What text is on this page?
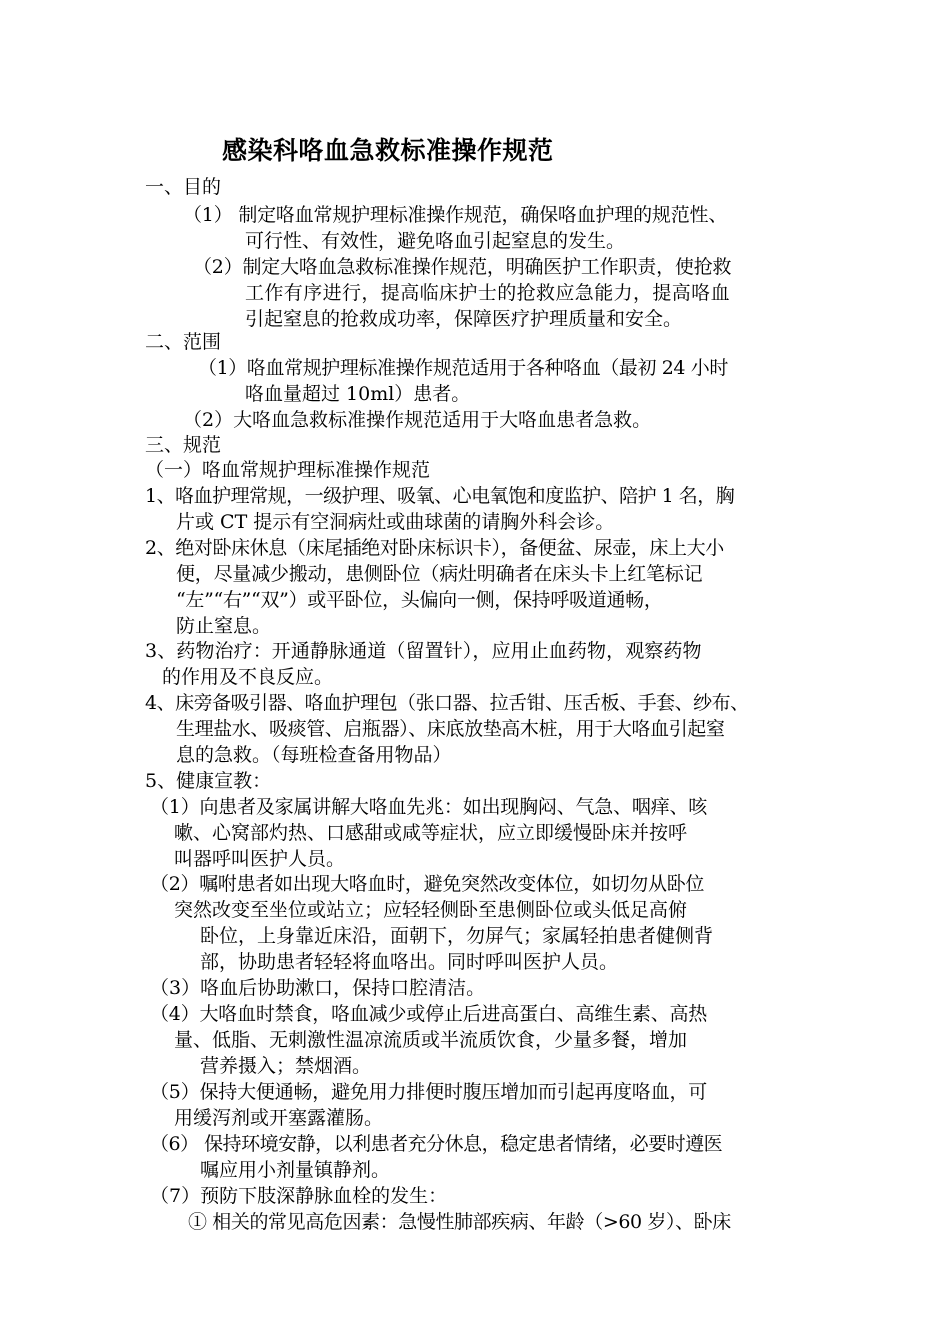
感染科咯血急救标准操作规范
一、目的
（1） 制定咯血常规护理标准操作规范，确保咯血护理的规范性、
可行性、有效性，避免咯血引起窒息的发生。
（2）制定大咯血急救标准操作规范，明确医护工作职责，使抢救
工作有序进行，提高临床护士的抢救应急能力，提高咯血
引起窒息的抢救成功率，保障医疗护理质量和安全。
二、范围
（1）咯血常规护理标准操作规范适用于各种咯血（最初 24 小时
咯血量超过 10ml）患者。
（2）大咯血急救标准操作规范适用于大咯血患者急救。
三、规范
（一）咯血常规护理标准操作规范
1、咯血护理常规，一级护理、吸氧、心电氧饱和度监护、陪护 1 名，胸
片或 CT 提示有空洞病灶或曲球菌的请胸外科会诊。
2、绝对卧床休息（床尾插绝对卧床标识卡），备便盆、尿壶，床上大小
便，尽量减少搬动，患侧卧位（病灶明确者在床头卡上红笔标记
“左”“右”“双”）或平卧位，头偏向一侧，保持呼吸道通畅，
防止窒息。
3、药物治疗：开通静脉通道（留置针），应用止血药物，观察药物
的作用及不良反应。
4、床旁备吸引器、咯血护理包（张口器、拉舌钳、压舌板、手套、纱布、
生理盐水、吸痰管、启瓶器）、床底放垫高木桩，用于大咯血引起窒
息的急救。（每班检查备用物品）
5、健康宣教：
（1）向患者及家属讲解大咯血先兆：如出现胸闷、气急、咽痒、咳
嗽、心窝部灼热、口感甜或咸等症状，应立即缓慢卧床并按呼
叫器呼叫医护人员。
（2）嘱咐患者如出现大咯血时，避免突然改变体位，如切勿从卧位
突然改变至坐位或站立；应轻轻侧卧至患侧卧位或头低足高俯
卧位，上身靠近床沿，面朝下，勿屏气；家属轻拍患者健侧背
部，协助患者轻轻将血咯出。同时呼叫医护人员。
（3）咯血后协助漱口，保持口腔清洁。
（4）大咯血时禁食，咯血减少或停止后进高蛋白、高维生素、高热
量、低脂、无刺激性温凉流质或半流质饮食，少量多餐，增加
营养摄入；禁烟酒。
（5）保持大便通畅，避免用力排便时腹压增加而引起再度咯血，可
用缓泻剂或开塞露灌肠。
（6） 保持环境安静，以利患者充分休息，稳定患者情绪，必要时遵医
嘱应用小剂量镇静剂。
（7）预防下肢深静脉血栓的发生：
① 相关的常见高危因素：急慢性肺部疾病、年龄（>60 岁）、卧床
